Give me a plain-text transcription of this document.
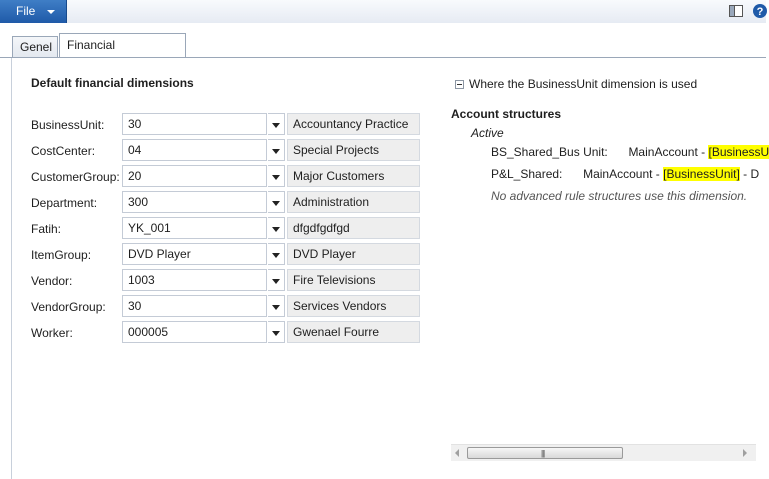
File	?
Genel	Financial
Default financial dimensions
BusinessUnit:	30	Accountancy Practice
CostCenter:	04	Special Projects
CustomerGroup: 20	Major Customers
Department:	300	Administration
Fatih:	YK_001	dfgdfgdfgd
ItemGroup:	DVD Player	DVD Player
Vendor:	1003	Fire Televisions
VendorGroup:	30	Services Vendors
Worker:	000005	Gwenael Fourre
Where the BusinessUnit dimension is used
Account structures
Active
BS_Shared_Bus Unit: MainAccount - [BusinessU
P&L_Shared: MainAccount - [BusinessUnit] - D
No advanced rule structures use this dimension.
|||
